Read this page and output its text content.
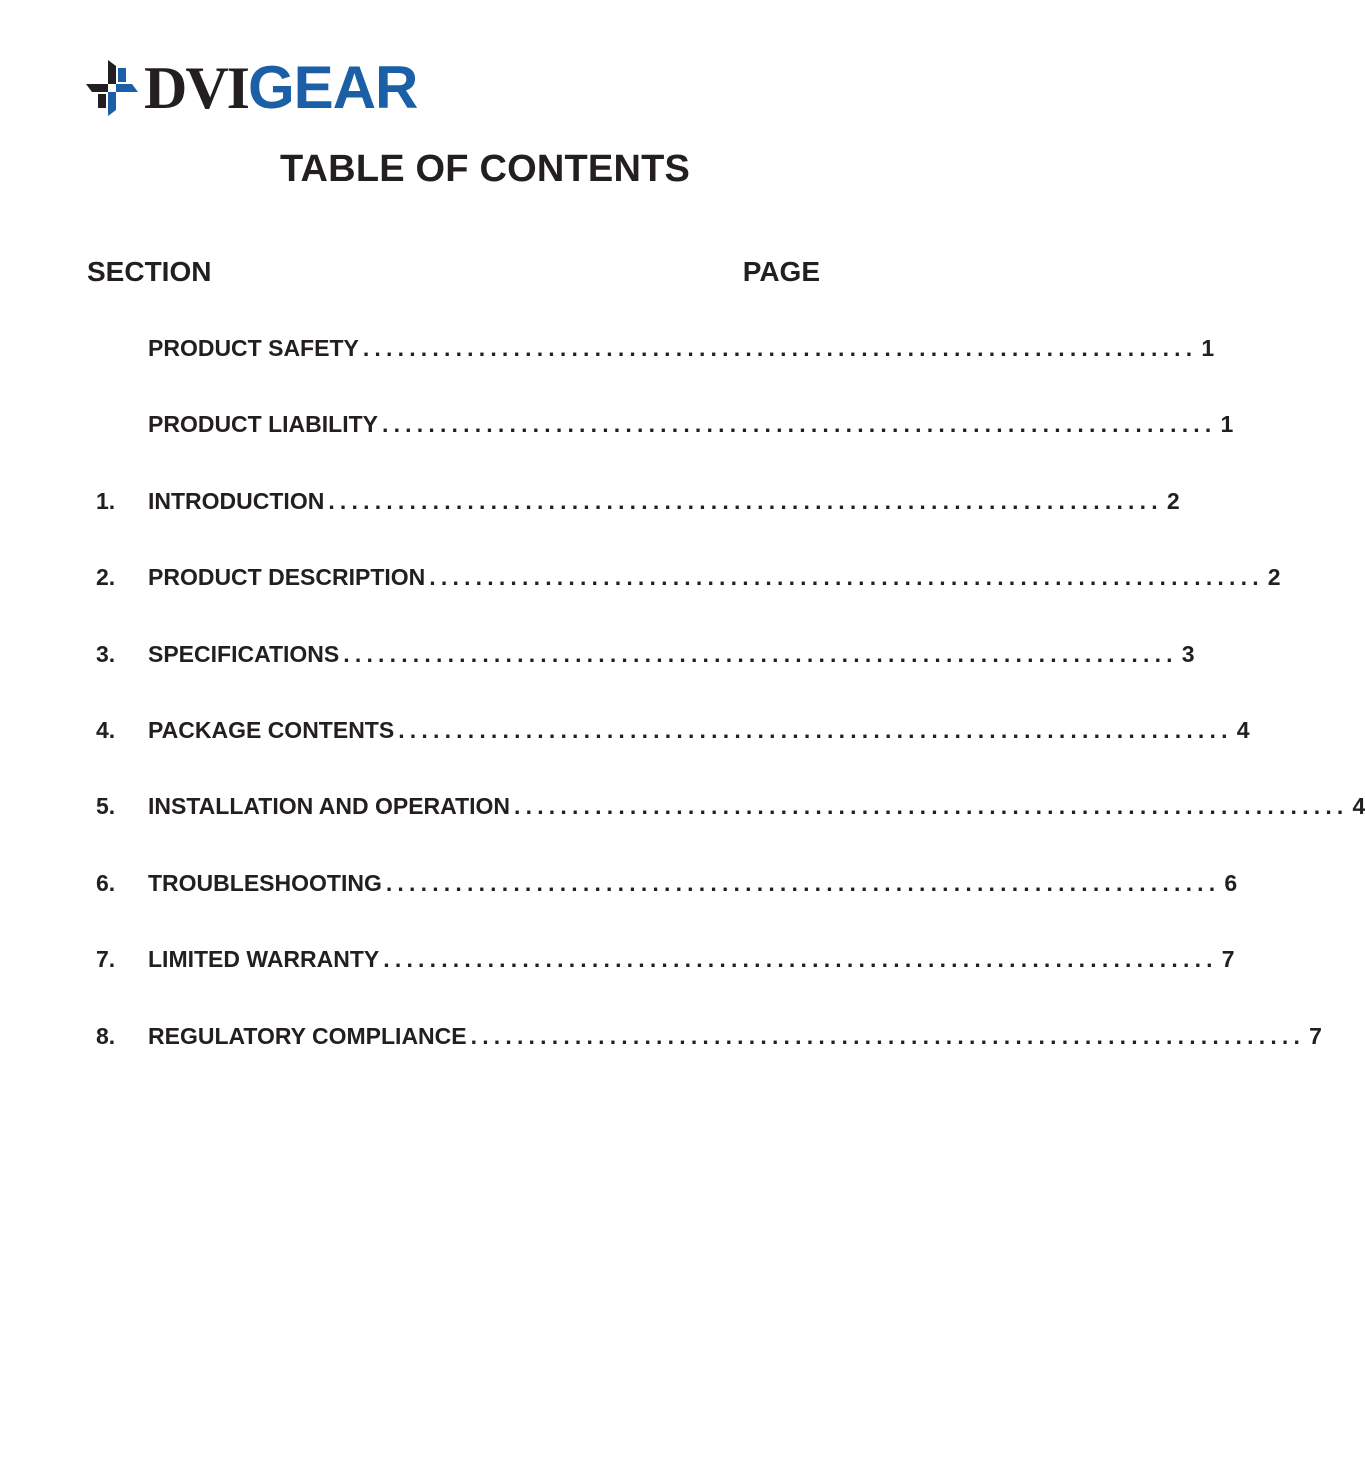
DVIGEAR
TABLE OF CONTENTS
SECTION	PAGE
PRODUCT SAFETY ........................................................................ 1
PRODUCT LIABILITY ........................................................................ 1
1.	INTRODUCTION ........................................................................ 2
2.	PRODUCT DESCRIPTION ........................................................................ 2
3.	SPECIFICATIONS ........................................................................ 3
4.	PACKAGE CONTENTS ........................................................................ 4
5.	INSTALLATION AND OPERATION ........................................................................ 4
6.	TROUBLESHOOTING ........................................................................ 6
7.	LIMITED WARRANTY ........................................................................ 7
8.	REGULATORY COMPLIANCE ........................................................................ 7
